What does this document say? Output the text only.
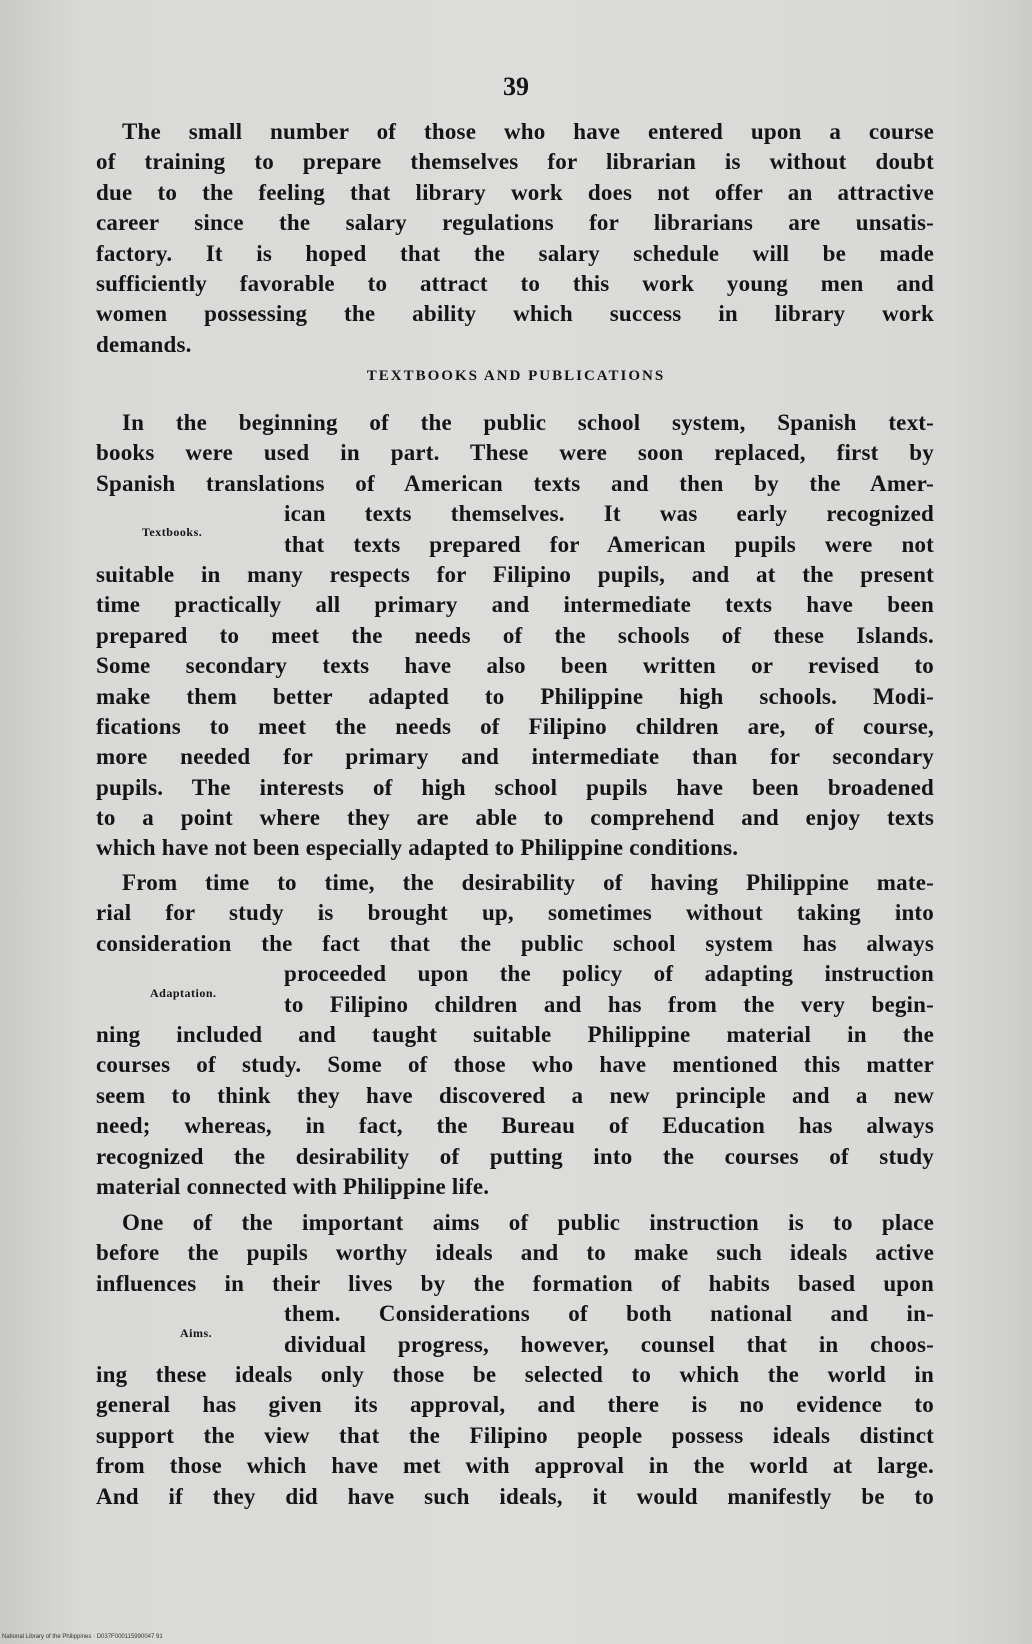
39
The small number of those who have entered upon a course
of training to prepare themselves for librarian is without doubt
due to the feeling that library work does not offer an attractive
career since the salary regulations for librarians are unsatis-
factory. It is hoped that the salary schedule will be made
sufficiently favorable to attract to this work young men and
women possessing the ability which success in library work
demands.
TEXTBOOKS AND PUBLICATIONS
In the beginning of the public school system, Spanish text-
books were used in part. These were soon replaced, first by
Spanish translations of American texts and then by the Amer-
ican texts themselves. It was early recognized
that texts prepared for American pupils were not
suitable in many respects for Filipino pupils, and at the present
time practically all primary and intermediate texts have been
prepared to meet the needs of the schools of these Islands.
Some secondary texts have also been written or revised to
make them better adapted to Philippine high schools. Modi-
fications to meet the needs of Filipino children are, of course,
more needed for primary and intermediate than for secondary
pupils. The interests of high school pupils have been broadened
to a point where they are able to comprehend and enjoy texts
which have not been especially adapted to Philippine conditions.
Textbooks.
From time to time, the desirability of having Philippine mate-
rial for study is brought up, sometimes without taking into
consideration the fact that the public school system has always
proceeded upon the policy of adapting instruction
to Filipino children and has from the very begin-
ning included and taught suitable Philippine material in the
courses of study. Some of those who have mentioned this matter
seem to think they have discovered a new principle and a new
need; whereas, in fact, the Bureau of Education has always
recognized the desirability of putting into the courses of study
material connected with Philippine life.
Adaptation.
One of the important aims of public instruction is to place
before the pupils worthy ideals and to make such ideals active
influences in their lives by the formation of habits based upon
them. Considerations of both national and in-
dividual progress, however, counsel that in choos-
ing these ideals only those be selected to which the world in
general has given its approval, and there is no evidence to
support the view that the Filipino people possess ideals distinct
from those which have met with approval in the world at large.
And if they did have such ideals, it would manifestly be to
Aims.
National Library of the Philippines · D037F000115990047 91
